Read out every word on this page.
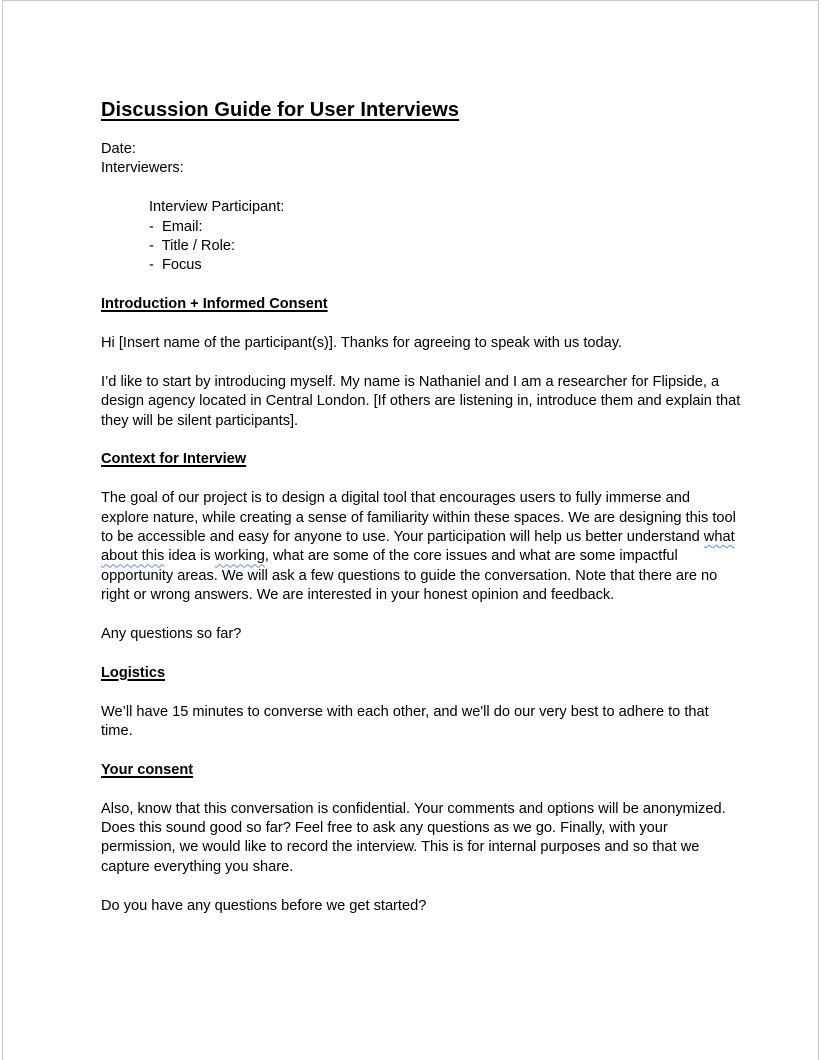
Discussion Guide for User Interviews

Date:

Interviewers:

Interview Participant:

- Email:

- Title / Role:

- Focus

Introduction + Informed Consent

Hi [Insert name of the participant(s)]. Thanks for agreeing to speak with us today.

I’d like to start by introducing myself. My name is Nathaniel and I am a researcher for Flipside, a design agency located in Central London. [If others are listening in, introduce them and explain that they will be silent participants].

Context for Interview

The goal of our project is to design a digital tool that encourages users to fully immerse and explore nature, while creating a sense of familiarity within these spaces. We are designing this tool to be accessible and easy for anyone to use. Your participation will help us better understand what about this idea is working, what are some of the core issues and what are some impactful opportunity areas. We will ask a few questions to guide the conversation. Note that there are no right or wrong answers. We are interested in your honest opinion and feedback.

Any questions so far?

Logistics

We’ll have 15 minutes to converse with each other, and we'll do our very best to adhere to that time.

Your consent

Also, know that this conversation is confidential. Your comments and options will be anonymized. Does this sound good so far? Feel free to ask any questions as we go. Finally, with your permission, we would like to record the interview. This is for internal purposes and so that we capture everything you share.

Do you have any questions before we get started?
